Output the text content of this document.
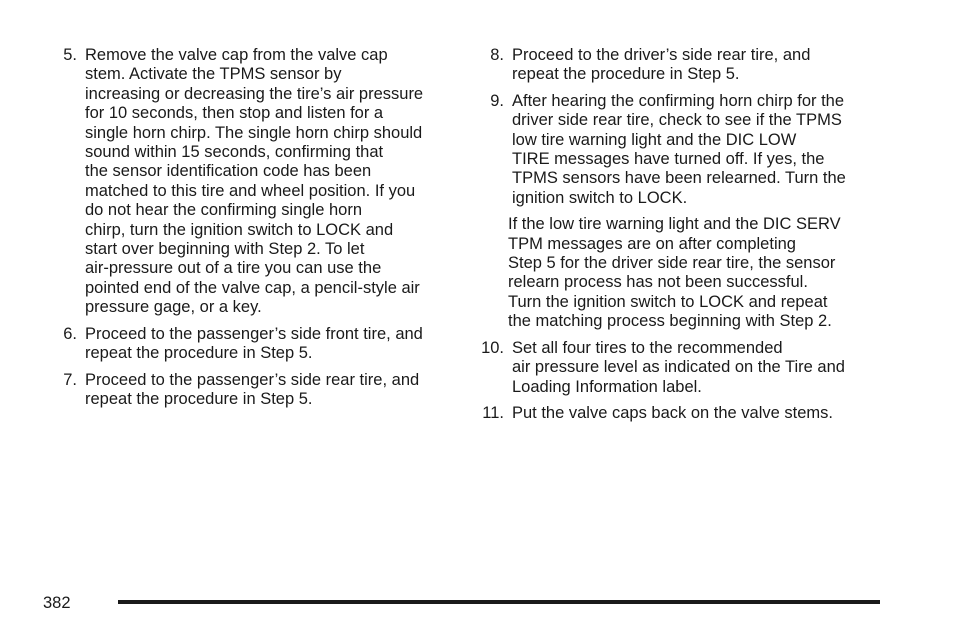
5. Remove the valve cap from the valve cap
stem. Activate the TPMS sensor by
increasing or decreasing the tire’s air pressure
for 10 seconds, then stop and listen for a
single horn chirp. The single horn chirp should
sound within 15 seconds, confirming that
the sensor identification code has been
matched to this tire and wheel position. If you
do not hear the confirming single horn
chirp, turn the ignition switch to LOCK and
start over beginning with Step 2. To let
air-pressure out of a tire you can use the
pointed end of the valve cap, a pencil-style air
pressure gage, or a key.
6. Proceed to the passenger’s side front tire, and
repeat the procedure in Step 5.
7. Proceed to the passenger’s side rear tire, and
repeat the procedure in Step 5.
8. Proceed to the driver’s side rear tire, and
repeat the procedure in Step 5.
9. After hearing the confirming horn chirp for the
driver side rear tire, check to see if the TPMS
low tire warning light and the DIC LOW
TIRE messages have turned off. If yes, the
TPMS sensors have been relearned. Turn the
ignition switch to LOCK.
If the low tire warning light and the DIC SERV
TPM messages are on after completing
Step 5 for the driver side rear tire, the sensor
relearn process has not been successful.
Turn the ignition switch to LOCK and repeat
the matching process beginning with Step 2.
10. Set all four tires to the recommended
air pressure level as indicated on the Tire and
Loading Information label.
11. Put the valve caps back on the valve stems.
382
